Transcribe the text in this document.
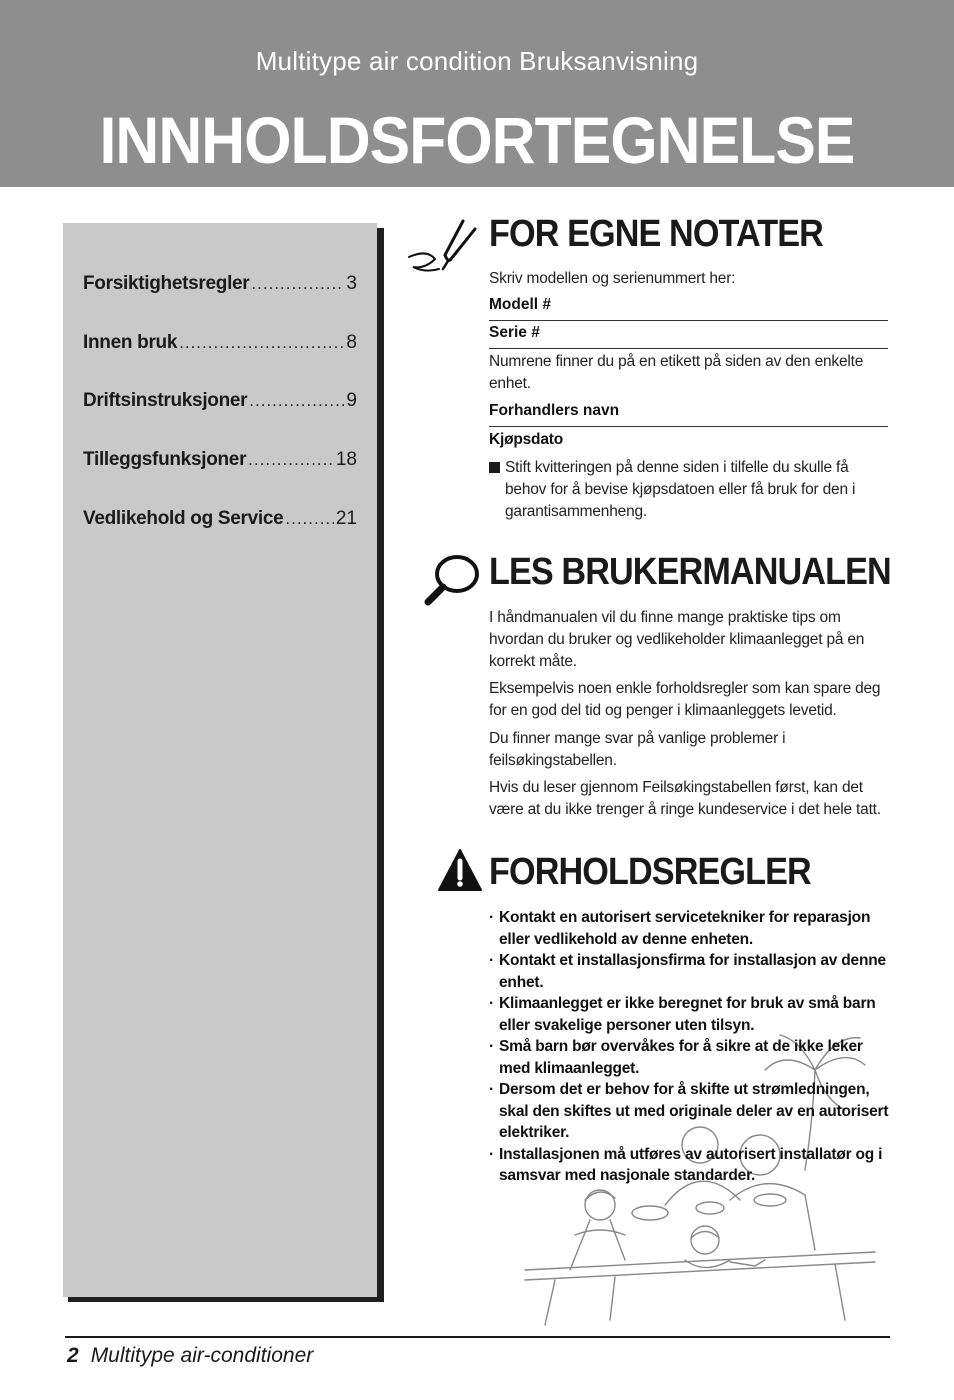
Multitype air condition Bruksanvisning
INNHOLDSFORTEGNELSE
Forsiktighetsregler .....	3
Innen bruk .....	8
Driftsinstruksjoner .....	9
Tilleggsfunksjoner .....	18
Vedlikehold og Service .....	21
FOR EGNE NOTATER
Skriv modellen og serienummert her:
Modell #
Serie #
Numrene finner du på en etikett på siden av den enkelte enhet.
Forhandlers navn
Kjøpsdato
Stift kvitteringen på denne siden i tilfelle du skulle få behov for å bevise kjøpsdatoen eller få bruk for den i garantisammenheng.
LES BRUKERMANUALEN
I håndmanualen vil du finne mange praktiske tips om hvordan du bruker og vedlikeholder klimaanlegget på en korrekt måte.
Eksempelvis noen enkle forholdsregler som kan spare deg for en god del tid og penger i klimaanleggets levetid.
Du finner mange svar på vanlige problemer i feilsøkingstabellen.
Hvis du leser gjennom Feilsøkingstabellen først, kan det være at du ikke trenger å ringe kundeservice i det hele tatt.
FORHOLDSREGLER
· Kontakt en autorisert servicetekniker for reparasjon eller vedlikehold av denne enheten.
· Kontakt et installasjonsfirma for installasjon av denne enhet.
· Klimaanlegget er ikke beregnet for bruk av små barn eller svakelige personer uten tilsyn.
· Små barn bør overvåkes for å sikre at de ikke leker med klimaanlegget.
· Dersom det er behov for å skifte ut strømledningen, skal den skiftes ut med originale deler av en autorisert elektriker.
· Installasjonen må utføres av autorisert installatør og i samsvar med nasjonale standarder.
2 Multitype air-conditioner
